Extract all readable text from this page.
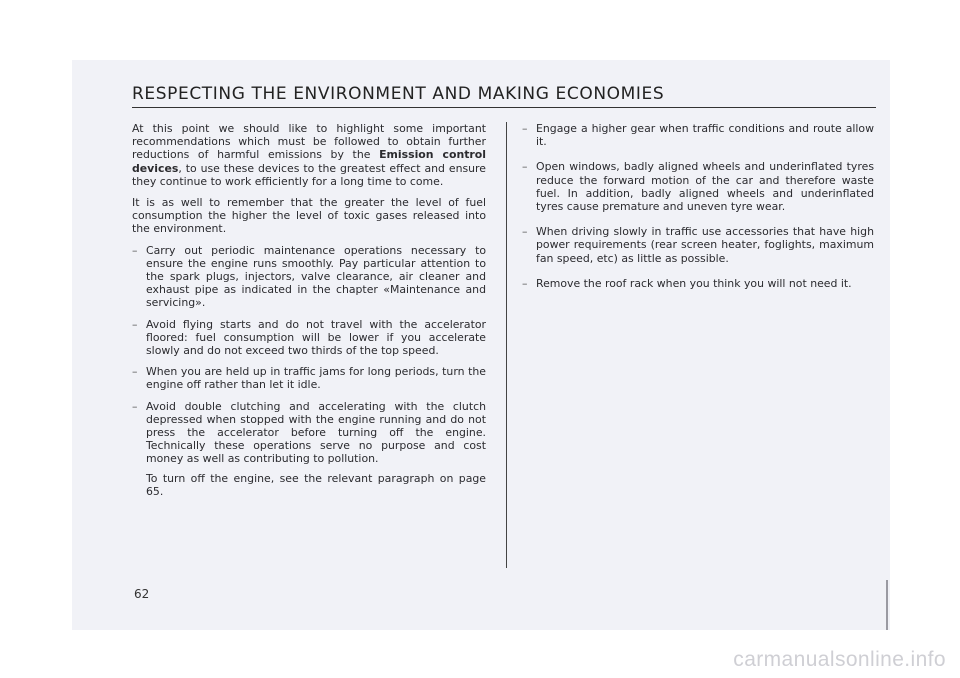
RESPECTING THE ENVIRONMENT AND MAKING ECONOMIES

At this point we should like to highlight some important recommendations which must be followed to obtain further reductions of harmful emissions by the Emission control devices, to use these devices to the greatest effect and ensure they continue to work efficiently for a long time to come.

It is as well to remember that the greater the level of fuel consumption the higher the level of toxic gases released into the environment.

– Carry out periodic maintenance operations necessary to ensure the engine runs smoothly. Pay particular attention to the spark plugs, injectors, valve clearance, air cleaner and exhaust pipe as indicated in the chapter «Maintenance and servicing».
– Avoid flying starts and do not travel with the accelerator floored: fuel consumption will be lower if you accelerate slowly and do not exceed two thirds of the top speed.
– When you are held up in traffic jams for long periods, turn the engine off rather than let it idle.
– Avoid double clutching and accelerating with the clutch depressed when stopped with the engine running and do not press the accelerator before turning off the engine. Technically these operations serve no purpose and cost money as well as contributing to pollution.

To turn off the engine, see the relevant paragraph on page 65.

– Engage a higher gear when traffic conditions and route allow it.
– Open windows, badly aligned wheels and underinflated tyres reduce the forward motion of the car and therefore waste fuel. In addition, badly aligned wheels and underinflated tyres cause premature and uneven tyre wear.
– When driving slowly in traffic use accessories that have high power requirements (rear screen heater, foglights, maximum fan speed, etc) as little as possible.
– Remove the roof rack when you think you will not need it.
62
carmanualsonline.info
